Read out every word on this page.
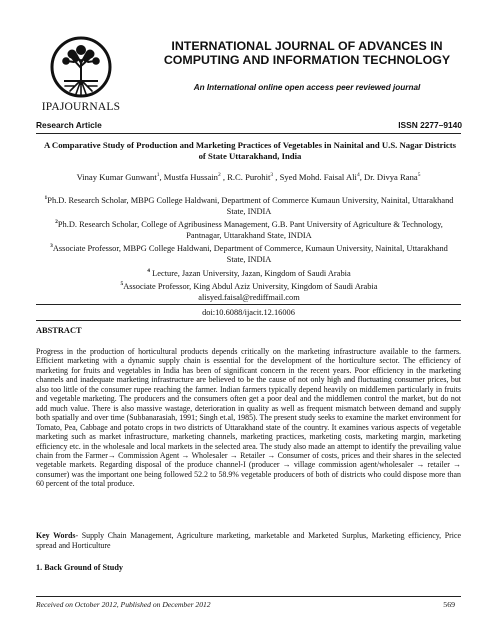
IPAJOURNALS
INTERNATIONAL JOURNAL OF ADVANCES IN COMPUTING AND INFORMATION TECHNOLOGY
An International online open access peer reviewed journal
Research Article	ISSN 2277–9140
A Comparative Study of Production and Marketing Practices of Vegetables in Nainital and U.S. Nagar Districts of State Uttarakhand, India
Vinay Kumar Gunwant$^1$, Mustfa Hussain$^2$ , R.C. Purohit$^3$ , Syed Mohd. Faisal Ali$^4$, Dr. Divya Rana$^5$

$^1$Ph.D. Research Scholar, MBPG College Haldwani, Department of Commerce Kumaun University, Nainital, Uttarakhand State, INDIA

$^2$Ph.D. Research Scholar, College of Agribusiness Management, G.B. Pant University of Agriculture & Technology, Pantnagar, Uttarakhand State, INDIA

$^3$Associate Professor, MBPG College Haldwani, Department of Commerce, Kumaun University, Nainital, Uttarakhand State, INDIA

$^4$ Lecture, Jazan University, Jazan, Kingdom of Saudi Arabia

$^5$Associate Professor, King Abdul Aziz University, Kingdom of Saudi Arabia

alisyed.faisal@rediffmail.com

doi:10.6088/ijacit.12.16006
ABSTRACT

Progress in the production of horticultural products depends critically on the marketing infrastructure available to the farmers. Efficient marketing with a dynamic supply chain is essential for the development of the horticulture sector. The efficiency of marketing for fruits and vegetables in India has been of significant concern in the recent years. Poor efficiency in the marketing channels and inadequate marketing infrastructure are believed to be the cause of not only high and fluctuating consumer prices, but also too little of the consumer rupee reaching the farmer. Indian farmers typically depend heavily on middlemen particularly in fruits and vegetable marketing. The producers and the consumers often get a poor deal and the middlemen control the market, but do not add much value. There is also massive wastage, deterioration in quality as well as frequent mismatch between demand and supply both spatially and over time (Subbanarasiah, 1991; Singh et.al, 1985). The present study seeks to examine the market environment for Tomato, Pea, Cabbage and potato crops in two districts of Uttarakhand state of the country. It examines various aspects of vegetable marketing such as market infrastructure, marketing channels, marketing practices, marketing costs, marketing margin, marketing efficiency etc. in the wholesale and local markets in the selected area. The study also made an attempt to identify the prevailing value chain from the Farmer→ Commission Agent → Wholesaler → Retailer → Consumer of costs, prices and their shares in the selected vegetable markets. Regarding disposal of the produce channel-I (producer → village commission agent/wholesaler → retailer → consumer) was the important one being followed 52.2 to 58.9% vegetable producers of both of districts who could dispose more than 60 percent of the total produce.

Key Words- Supply Chain Management, Agriculture marketing, marketable and Marketed Surplus, Marketing efficiency, Price spread and Horticulture
1. Back Ground of Study
Received on October 2012, Published on December 2012	569
